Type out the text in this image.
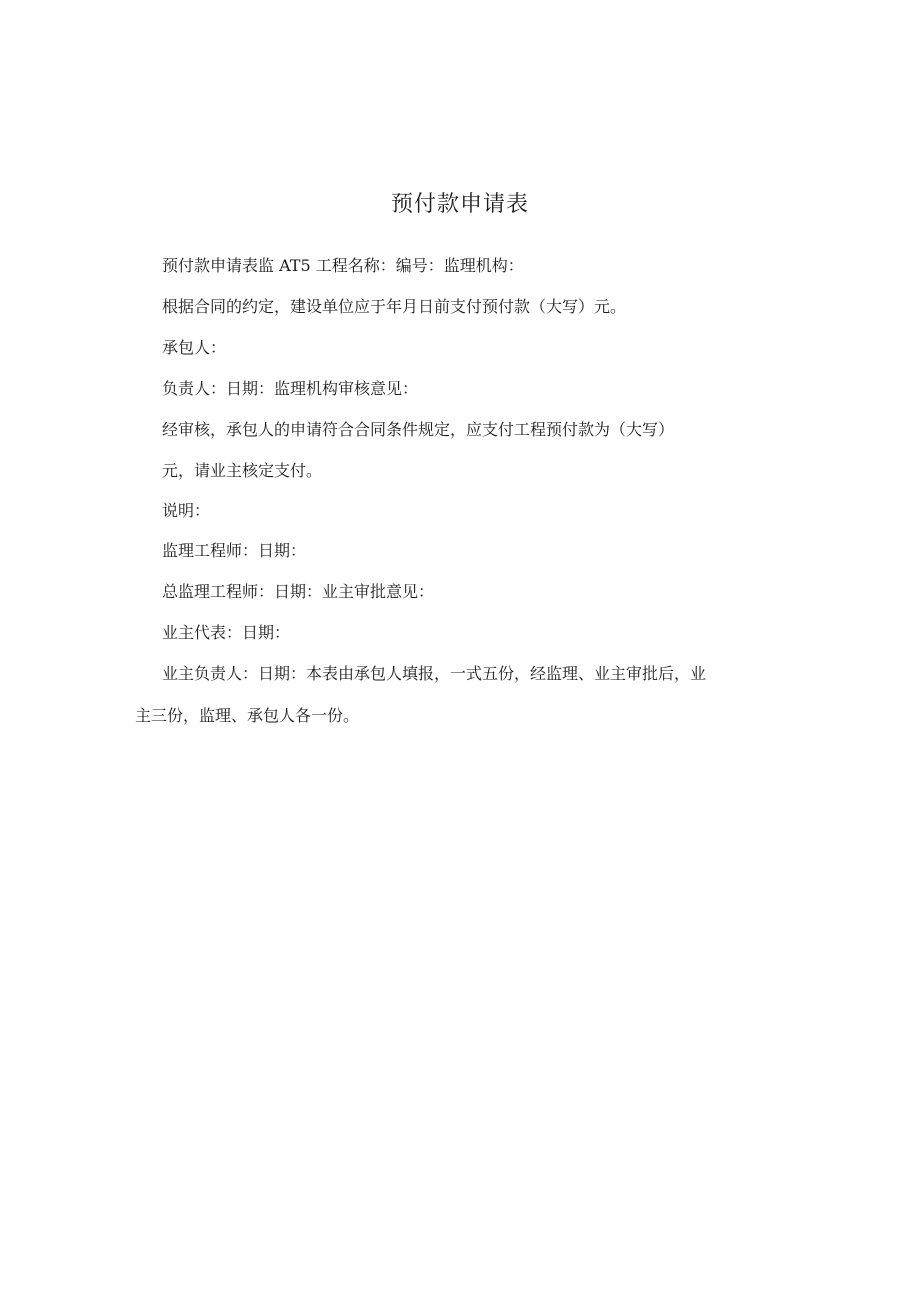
预付款申请表
预付款申请表监 AT5 工程名称：编号：监理机构：
根据合同的约定，建设单位应于年月日前支付预付款（大写）元。
承包人：
负责人：日期：监理机构审核意见：
经审核，承包人的申请符合合同条件规定，应支付工程预付款为（大写）
元，请业主核定支付。
说明：
监理工程师：日期：
总监理工程师：日期：业主审批意见：
业主代表：日期：
业主负责人：日期：本表由承包人填报，一式五份，经监理、业主审批后，业
主三份，监理、承包人各一份。
